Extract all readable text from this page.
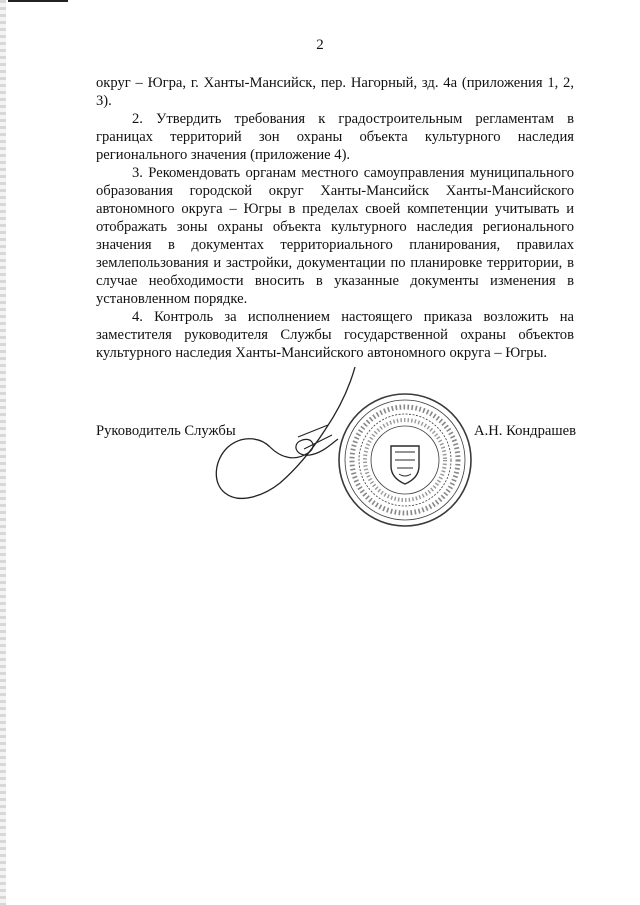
2

округ – Югра, г. Ханты-Мансийск, пер. Нагорный, зд. 4а (приложения 1, 2, 3).

2. Утвердить требования к градостроительным регламентам в границах территорий зон охраны объекта культурного наследия регионального значения (приложение 4).

3. Рекомендовать органам местного самоуправления муниципального образования городской округ Ханты-Мансийск Ханты-Мансийского автономного округа – Югры в пределах своей компетенции учитывать и отображать зоны охраны объекта культурного наследия регионального значения в документах территориального планирования, правилах землепользования и застройки, документации по планировке территории, в случае необходимости вносить в указанные документы изменения в установленном порядке.

4. Контроль за исполнением настоящего приказа возложить на заместителя руководителя Службы государственной охраны объектов культурного наследия Ханты-Мансийского автономного округа – Югры.

Руководитель Службы	А.Н. Кондрашев
